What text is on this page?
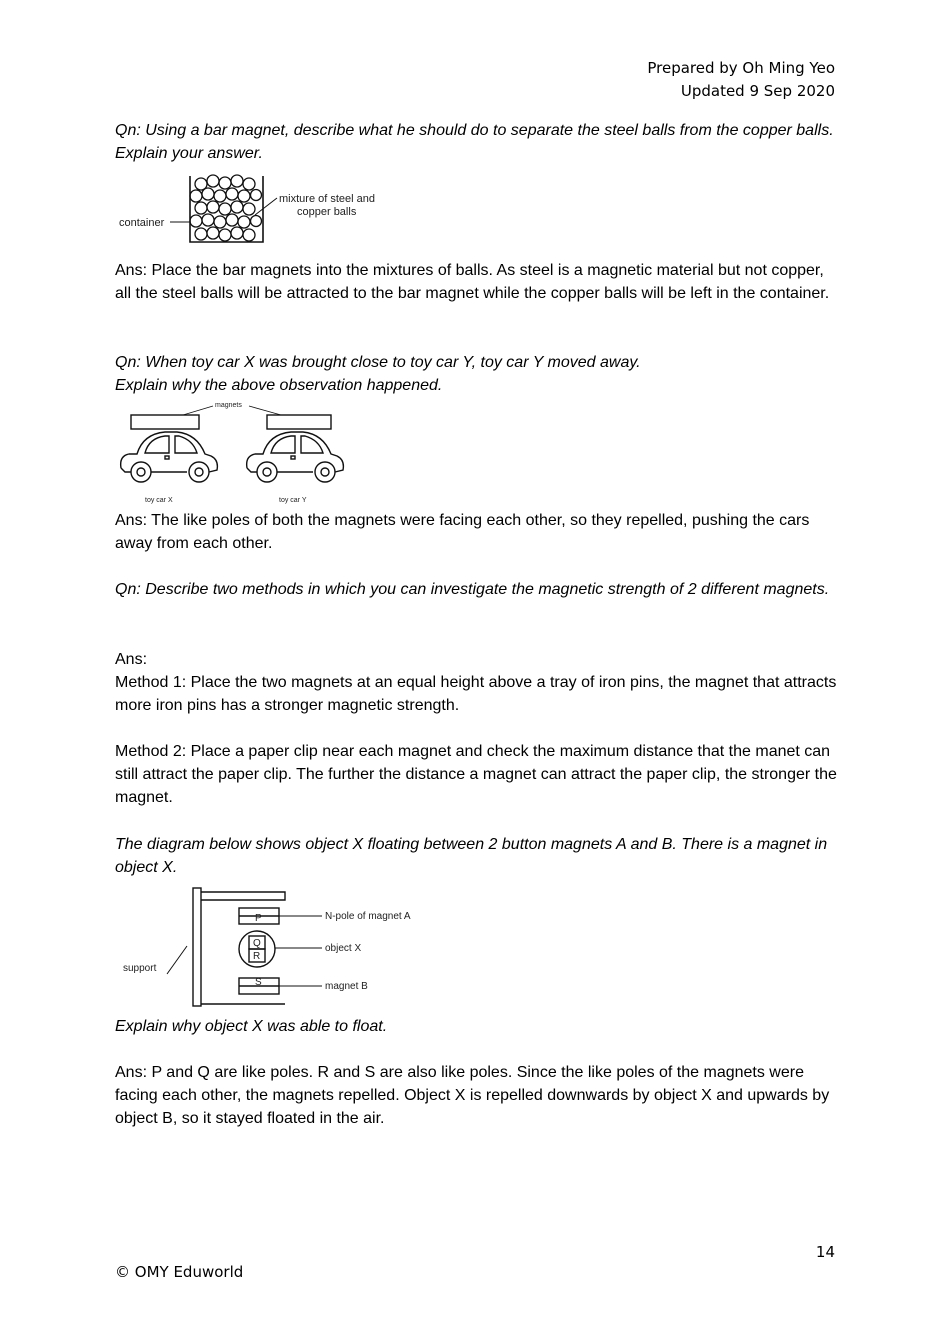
Prepared by Oh Ming Yeo
Updated 9 Sep 2020
Qn: Using a bar magnet, describe what he should do to separate the steel balls from the copper balls. Explain your answer.
container
mixture of steel and
copper balls
Ans: Place the bar magnets into the mixtures of balls. As steel is a magnetic material but not copper, all the steel balls will be attracted to the bar magnet while the copper balls will be left in the container.
Qn: When toy car X was brought close to toy car Y, toy car Y moved away.
Explain why the above observation happened.
magnets
toy car X	toy car Y
Ans: The like poles of both the magnets were facing each other, so they repelled, pushing the cars away from each other.
Qn: Describe two methods in which you can investigate the magnetic strength of 2 different magnets.
Ans:
Method 1: Place the two magnets at an equal height above a tray of iron pins, the magnet that attracts more iron pins has a stronger magnetic strength.
Method 2: Place a paper clip near each magnet and check the maximum distance that the manet can still attract the paper clip. The further the distance a magnet can attract the paper clip, the stronger the magnet.
The diagram below shows object X floating between 2 button magnets A and B. There is a magnet in object X.
P
Q
R
S
N-pole of magnet A
object X
magnet B
support
Explain why object X was able to float.
Ans: P and Q are like poles. R and S are also like poles. Since the like poles of the magnets were facing each other, the magnets repelled. Object X is repelled downwards by object X and upwards by object B, so it stayed floated in the air.
14
© OMY Eduworld
